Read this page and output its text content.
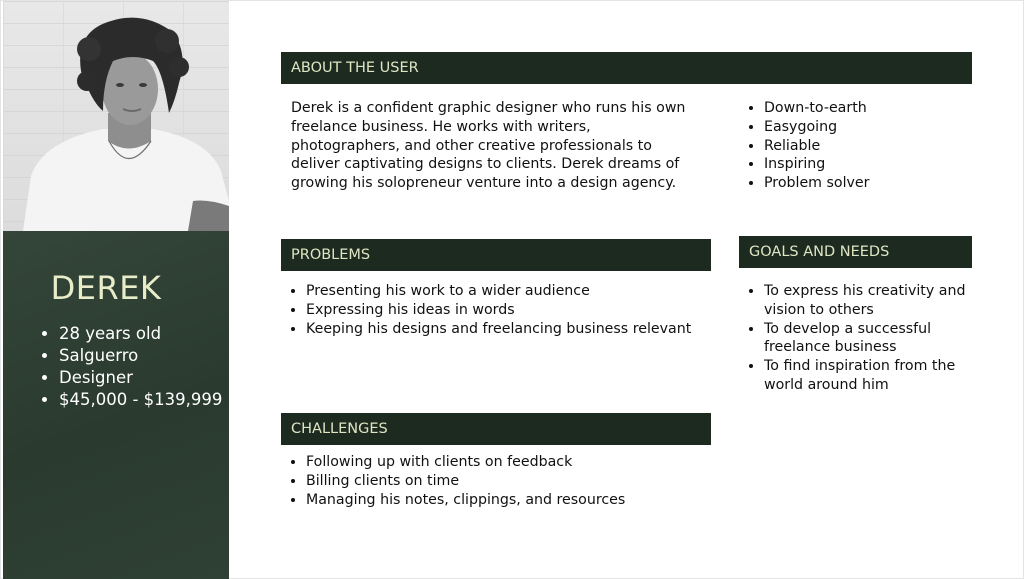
DEREK
• 28 years old
• Salguerro
• Designer
• $45,000 - $139,999
ABOUT THE USER

Derek is a confident graphic designer who runs his own freelance business. He works with writers, photographers, and other creative professionals to deliver captivating designs to clients. Derek dreams of growing his solopreneur venture into a design agency.

• Down-to-earth
• Easygoing
• Reliable
• Inspiring
• Problem solver
PROBLEMS
• Presenting his work to a wider audience
• Expressing his ideas in words
• Keeping his designs and freelancing business relevant
GOALS AND NEEDS
• To express his creativity and vision to others
• To develop a successful freelance business
• To find inspiration from the world around him
CHALLENGES
• Following up with clients on feedback
• Billing clients on time
• Managing his notes, clippings, and resources
